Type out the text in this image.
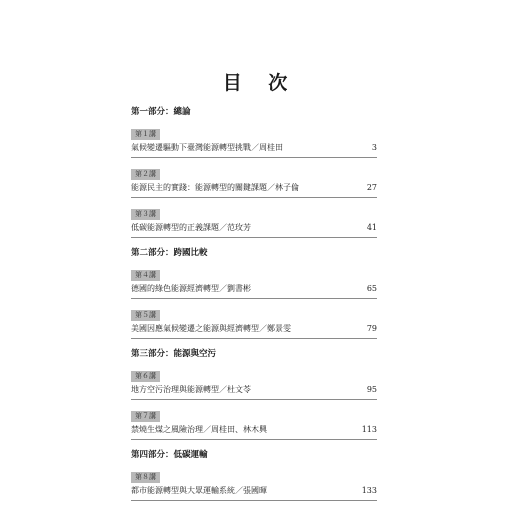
目 次
第一部分：總論
第１講
氣候變遷驅動下臺灣能源轉型挑戰／周桂田	3
第２講
能源民主的實踐：能源轉型的關鍵課題／林子倫	27
第３講
低碳能源轉型的正義課題／范玫芳	41
第二部分：跨國比較
第４講
德國的綠色能源經濟轉型／劉書彬	65
第５講
美國因應氣候變遷之能源與經濟轉型／鄭景雯	79
第三部分：能源與空污
第６講
地方空污治理與能源轉型／杜文苓	95
第７講
禁燒生煤之風險治理／周桂田、林木興	113
第四部分：低碳運輸
第８講
都市能源轉型與大眾運輸系統／張國暉	133
